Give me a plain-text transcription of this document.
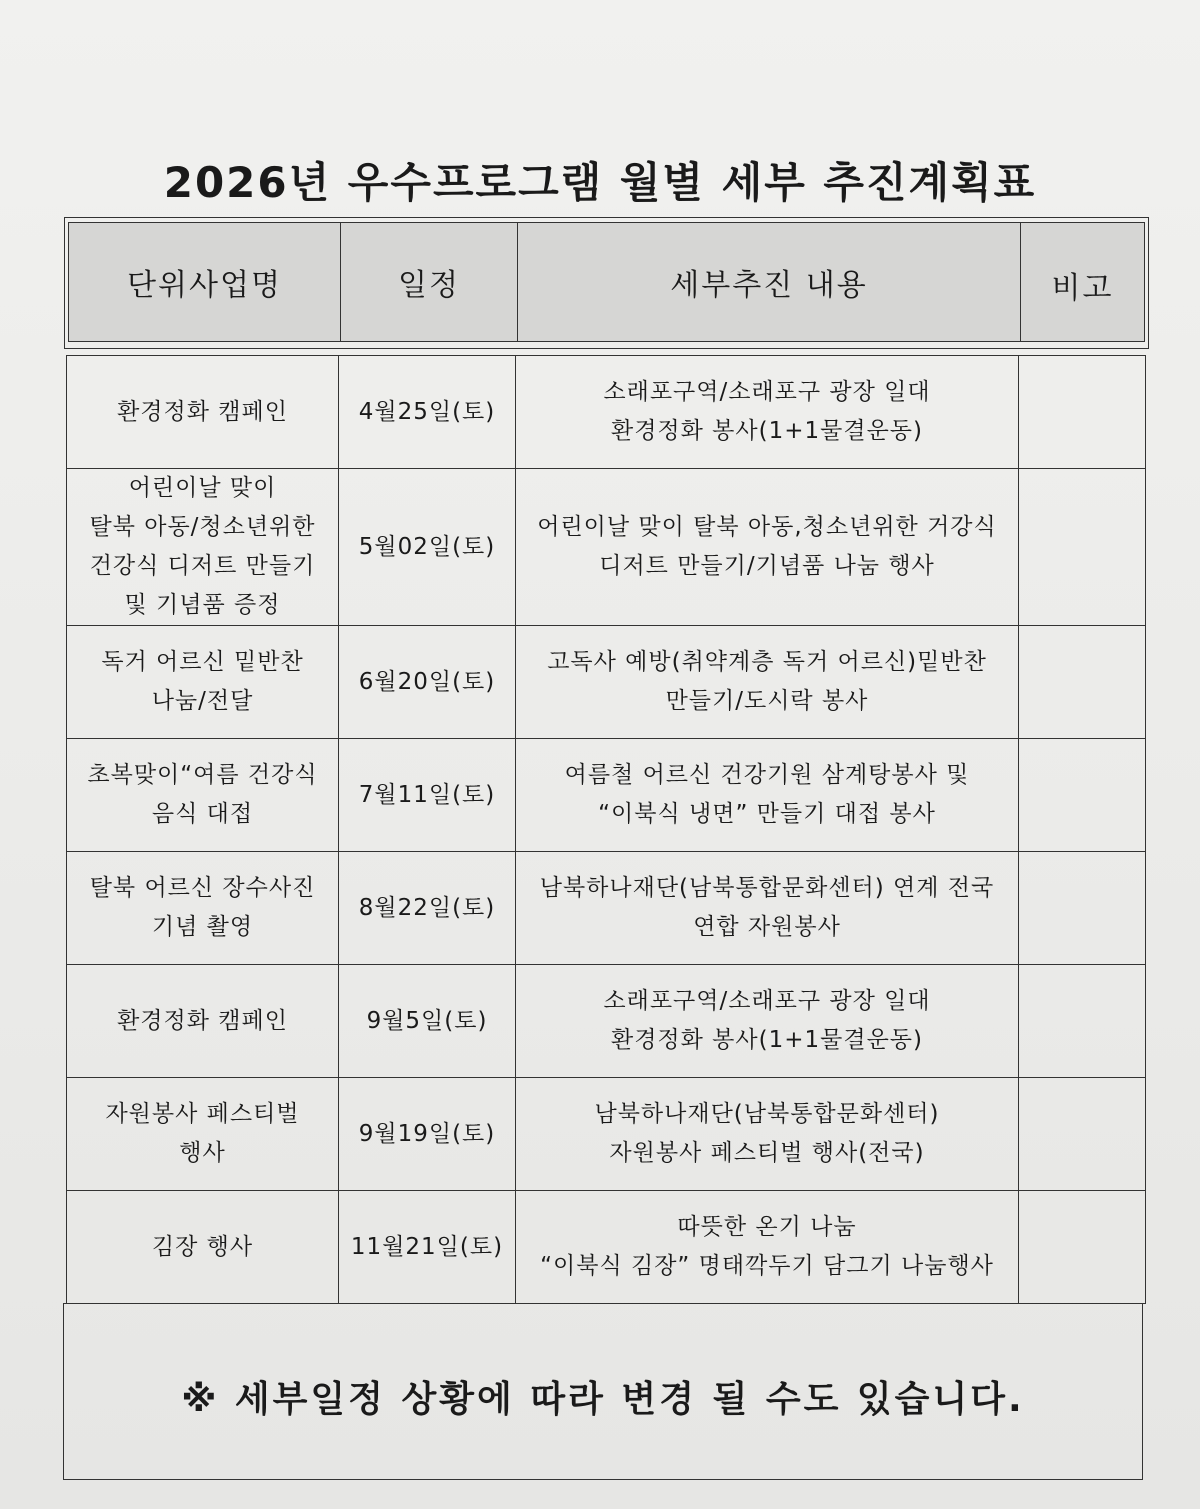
2026년 우수프로그램 월별 세부 추진계획표
단위사업명	일정	세부추진 내용	비고
환경정화 캠페인	4월25일(토)	소래포구역/소래포구 광장 일대
환경정화 봉사(1+1물결운동)	

어린이날 맞이
탈북 아동/청소년위한
건강식 디저트 만들기
및 기념품 증정	5월02일(토)	어린이날 맞이 탈북 아동,청소년위한 거강식
디저트 만들기/기념품 나눔 행사	

독거 어르신 밑반찬
나눔/전달	6월20일(토)	고독사 예방(취약계층 독거 어르신)밑반찬
만들기/도시락 봉사	

초복맞이“여름 건강식
음식 대접	7월11일(토)	여름철 어르신 건강기원 삼계탕봉사 및
“이북식 냉면” 만들기 대접 봉사	

탈북 어르신 장수사진
기념 촬영	8월22일(토)	남북하나재단(남북통합문화센터) 연계 전국
연합 자원봉사	

환경정화 캠페인	9월5일(토)	소래포구역/소래포구 광장 일대
환경정화 봉사(1+1물결운동)	

자원봉사 페스티벌
행사	9월19일(토)	남북하나재단(남북통합문화센터)
자원봉사 페스티벌 행사(전국)	

김장 행사	11월21일(토)	따뜻한 온기 나눔
“이북식 김장” 명태깍두기 담그기 나눔행사	

※ 세부일정 상황에 따라 변경 될 수도 있습니다.
